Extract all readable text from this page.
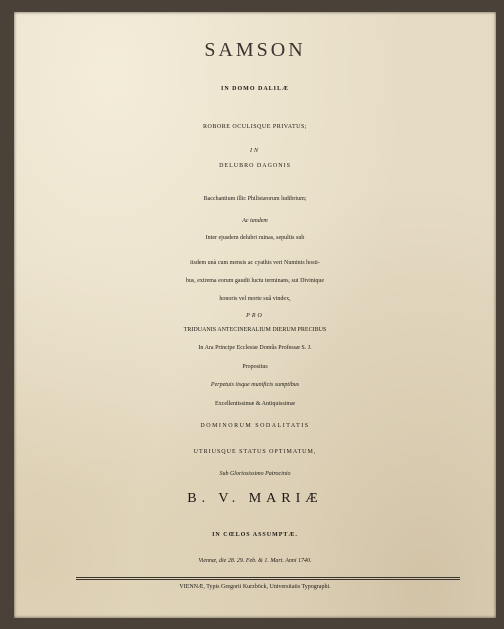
SAMSON
IN DOMO DALILÆ
ROBORE OCULISQUE PRIVATUS;
IN
DELUBRO DAGONIS
Bacchantium illic Philistæorum ludibrium;
Ac tandem
Inter ejusdem delubri ruinas, sepultis sub
iisdem unà cum mensis ac cyathis veri Numinis hosti-
bus, extrema eorum gaudii luctu terminans, sui Divinique
honoris vel morte suâ vindex,
PRO
TRIDUANIS ANTECINERALIUM DIERUM PRECIBUS
In Ara Principe Ecclesiæ Domûs Professæ S. J.
Propositus
Perpetuis iisque munificis sumptibus
Excellentissimæ & Antiquissimæ
DOMINORUM SODALITATIS
UTRIUSQUE STATUS OPTIMATUM,
Sub Gloriosissimo Patrocinio
B. V. MARIÆ
IN CŒLOS ASSUMPTÆ.
Viennæ, die 28. 29. Feb. & 1. Mart. Anni 1740.
VIENNÆ, Typis Gregorii Kurzböck, Universitatis Typographi.
